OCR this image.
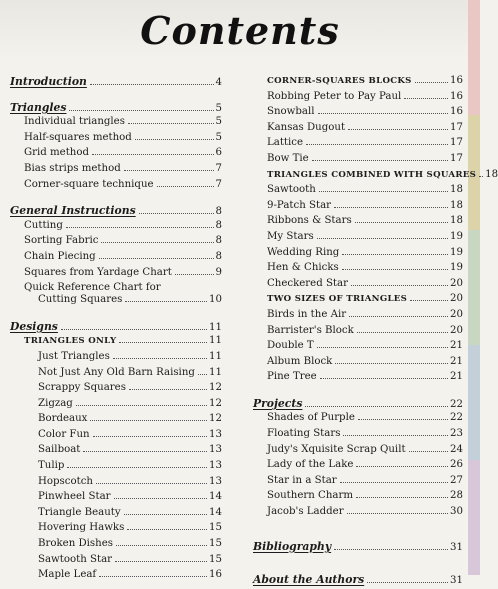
Contents
Introduction	4
Triangles	5
Individual triangles	5
Half-squares method	5
Grid method	6
Bias strips method	7
Corner-square technique	7
General Instructions	8
Cutting	8
Sorting Fabric	8
Chain Piecing	8
Squares from Yardage Chart	9
Quick Reference Chart for
Cutting Squares	10
Designs	11
TRIANGLES ONLY	11
Just Triangles	11
Not Just Any Old Barn Raising 11
Scrappy Squares	12
Zigzag	12
Bordeaux	12
Color Fun	13
Sailboat	13
Tulip	13
Hopscotch	13
Pinwheel Star	14
Triangle Beauty	14
Hovering Hawks	15
Broken Dishes	15
Sawtooth Star	15
Maple Leaf	16
CORNER-SQUARES BLOCKS	16
Robbing Peter to Pay Paul	16
Snowball	16
Kansas Dugout	17
Lattice	17
Bow Tie	17
TRIANGLES COMBINED WITH SQUARES 18
Sawtooth	18
9-Patch Star	18
Ribbons & Stars	18
My Stars	19
Wedding Ring	19
Hen & Chicks	19
Checkered Star	20
TWO SIZES OF TRIANGLES	20
Birds in the Air	20
Barrister's Block	20
Double T	21
Album Block	21
Pine Tree	21
Projects	22
Shades of Purple	22
Floating Stars	23
Judy's Xquisite Scrap Quilt	24
Lady of the Lake	26
Star in a Star	27
Southern Charm	28
Jacob's Ladder	30
Bibliography	31
About the Authors	31
